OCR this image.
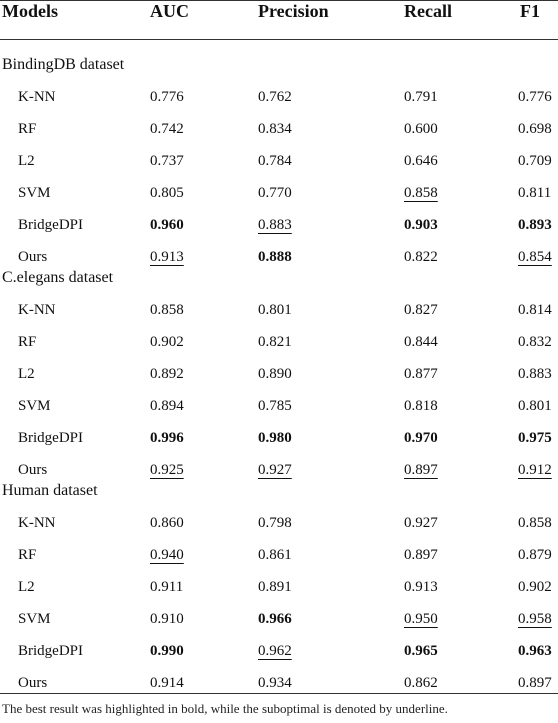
Models	AUC	Precision	Recall	F1
BindingDB dataset
K-NN	0.776	0.762	0.791	0.776
RF	0.742	0.834	0.600	0.698
L2	0.737	0.784	0.646	0.709
SVM	0.805	0.770	0.858	0.811
BridgeDPI	0.960	0.883	0.903	0.893
Ours	0.913	0.888	0.822	0.854
C.elegans dataset
K-NN	0.858	0.801	0.827	0.814
RF	0.902	0.821	0.844	0.832
L2	0.892	0.890	0.877	0.883
SVM	0.894	0.785	0.818	0.801
BridgeDPI	0.996	0.980	0.970	0.975
Ours	0.925	0.927	0.897	0.912
Human dataset
K-NN	0.860	0.798	0.927	0.858
RF	0.940	0.861	0.897	0.879
L2	0.911	0.891	0.913	0.902
SVM	0.910	0.966	0.950	0.958
BridgeDPI	0.990	0.962	0.965	0.963
Ours	0.914	0.934	0.862	0.897
The best result was highlighted in bold, while the suboptimal is denoted by underline.
